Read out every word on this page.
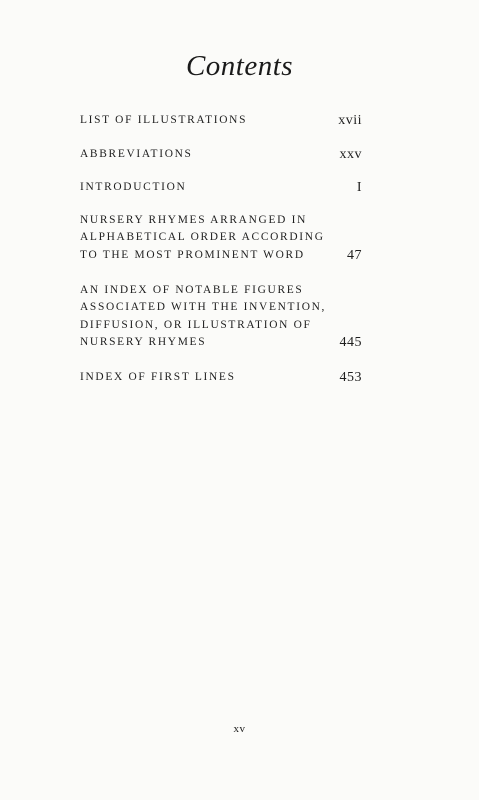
Contents
LIST OF ILLUSTRATIONS	xvii
ABBREVIATIONS	xxv
INTRODUCTION	I
NURSERY RHYMES ARRANGED IN
ALPHABETICAL ORDER ACCORDING
TO THE MOST PROMINENT WORD	47
AN INDEX OF NOTABLE FIGURES
ASSOCIATED WITH THE INVENTION,
DIFFUSION, OR ILLUSTRATION OF
NURSERY RHYMES	445
INDEX OF FIRST LINES	453
xv
